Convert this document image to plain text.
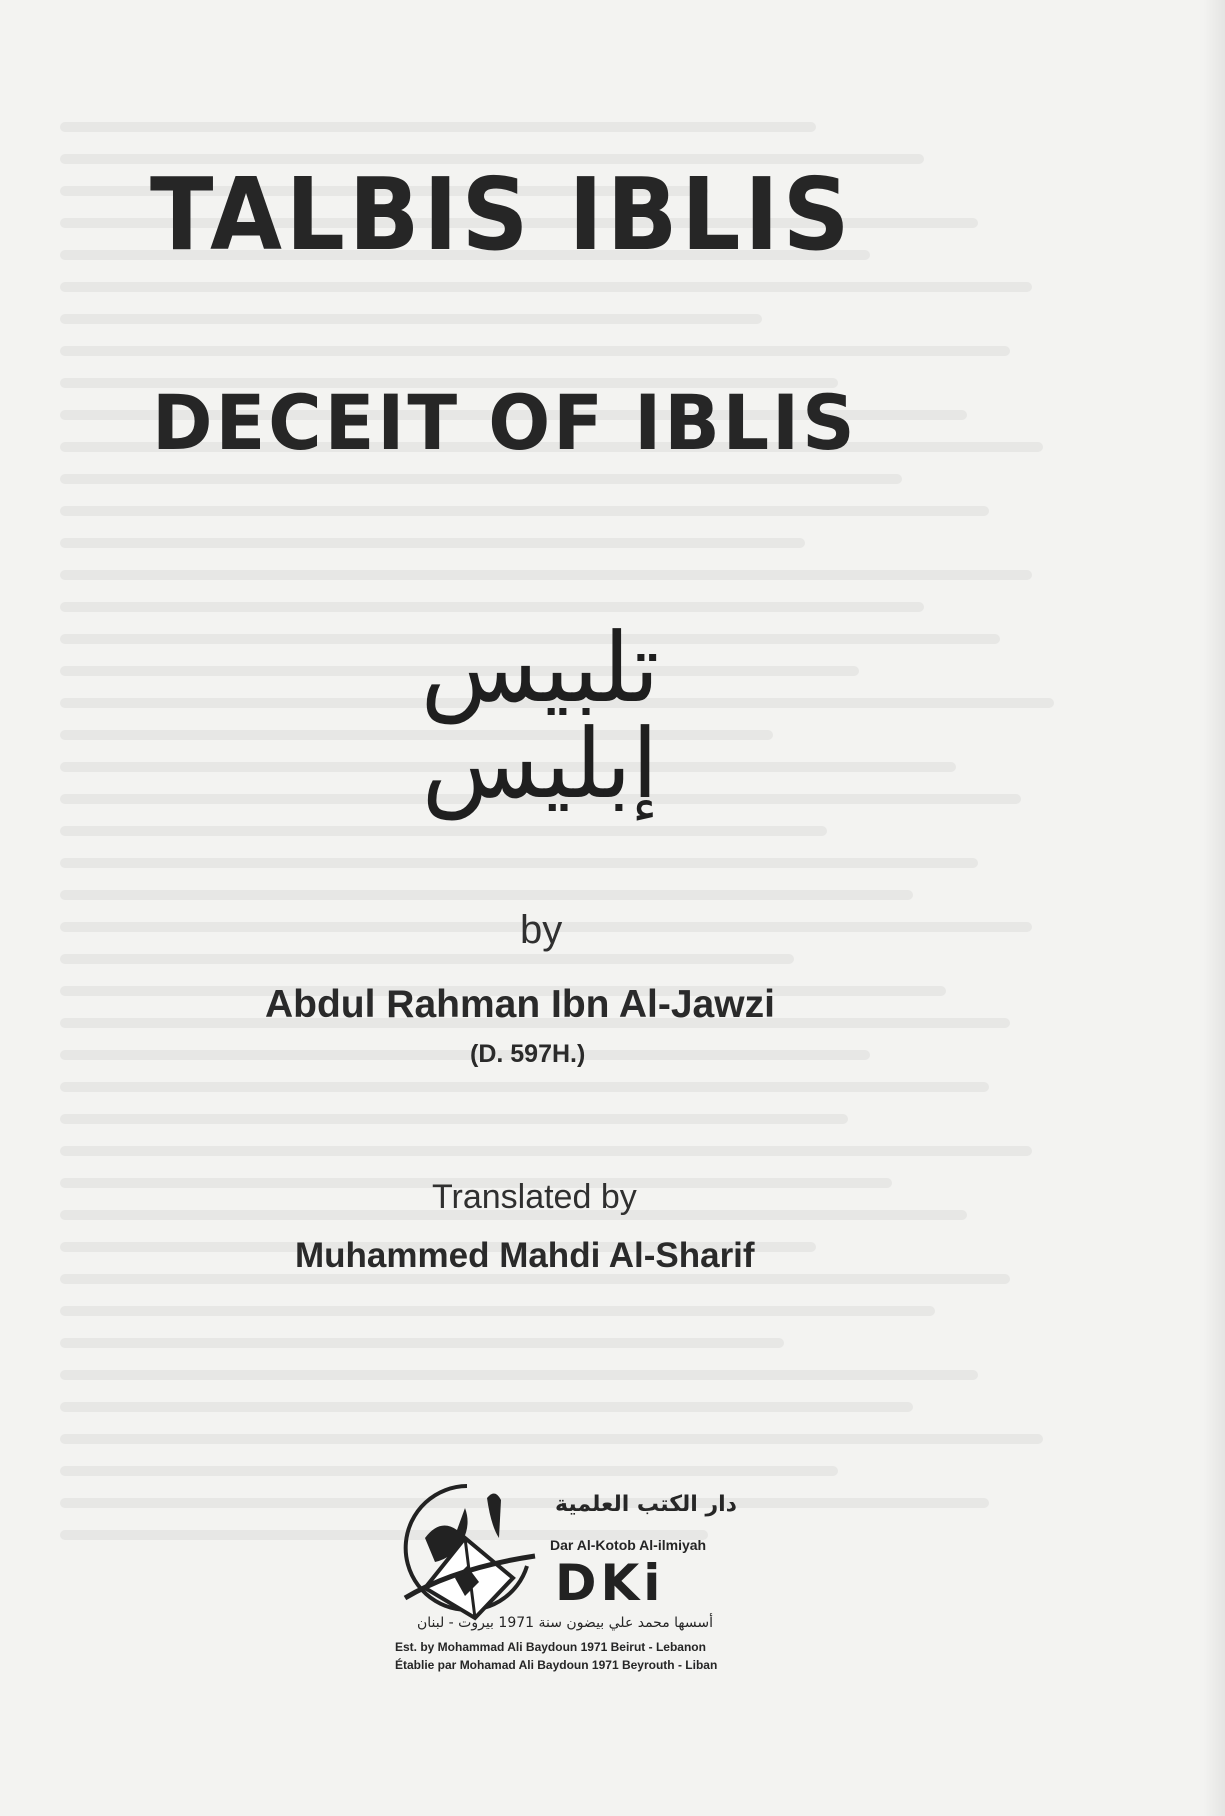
TALBIS IBLIS
DECEIT OF IBLIS
تلبيس إبليس
by
Abdul Rahman Ibn Al-Jawzi
(D. 597H.)
Translated by
Muhammed Mahdi Al-Sharif
دار الكتب العلمية
Dar Al-Kotob Al-ilmiyah
DKi
أسسها محمد علي بيضون سنة 1971 بيروت - لبنان
Est. by Mohammad Ali Baydoun 1971 Beirut - Lebanon
Établie par Mohamad Ali Baydoun 1971 Beyrouth - Liban
